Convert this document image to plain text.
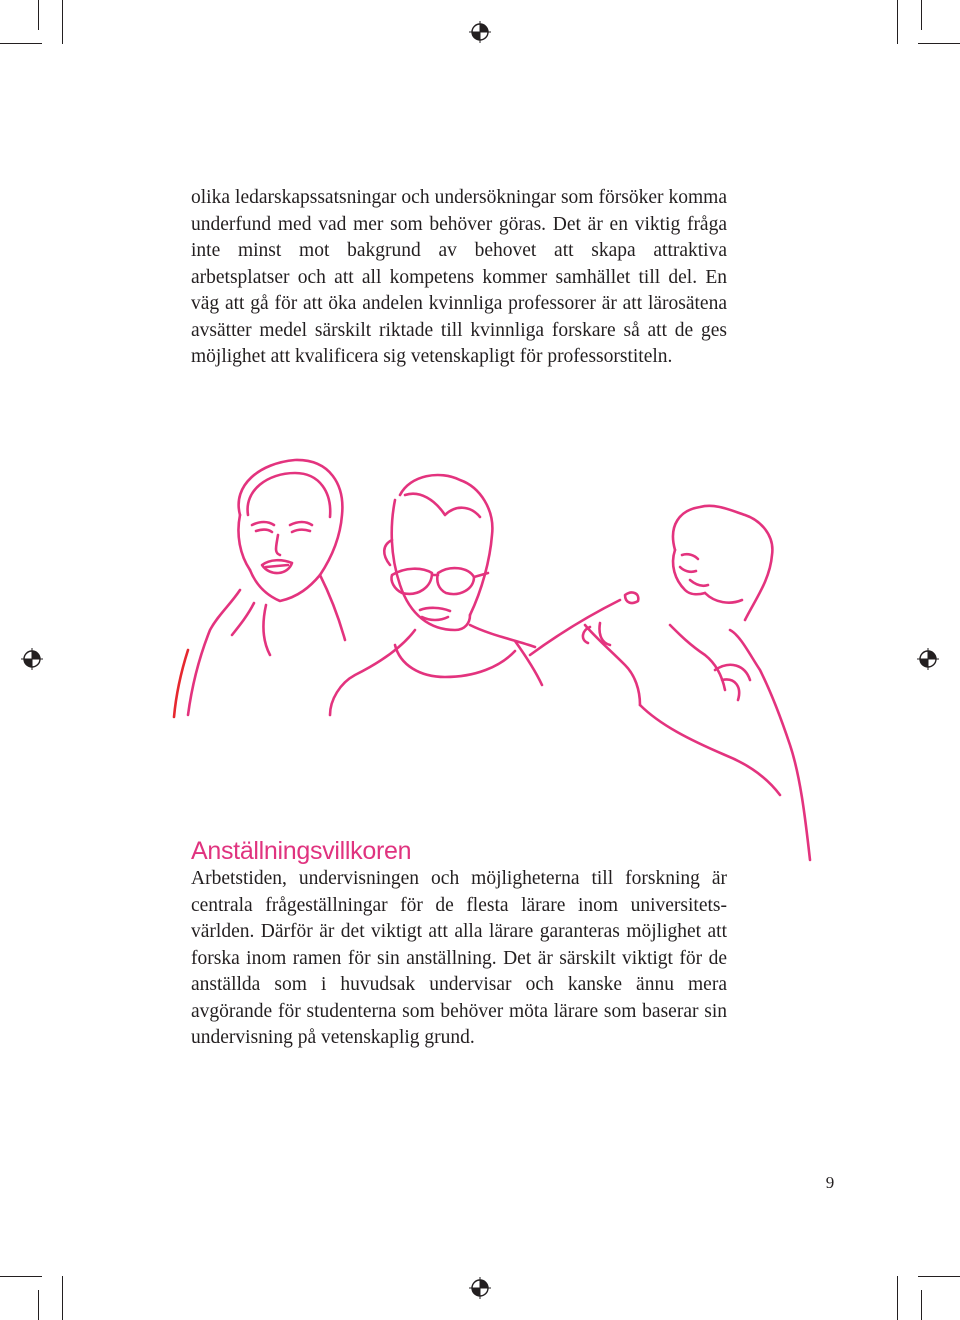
olika ledarskapssatsningar och undersökningar som försöker komma underfund med vad mer som behöver göras. Det är en viktig fråga inte minst mot bakgrund av behovet att skapa attraktiva arbetsplatser och att all kompetens kommer samhället till del. En väg att gå för att öka andelen kvinnliga professorer är att lärosätena avsätter medel särskilt riktade till kvinnliga forskare så att de ges möjlighet att kvalificera sig vetenskapligt för professorstiteln.

Anställningsvillkoren

Arbetstiden, undervisningen och möjligheterna till forskning är centrala frågeställningar för de flesta lärare inom universitetsvärlden. Därför är det viktigt att alla lärare garanteras möjlighet att forska inom ramen för sin anställning. Det är särskilt viktigt för de anställda som i huvudsak undervisar och kanske ännu mera avgörande för studenterna som behöver möta lärare som baserar sin undervisning på vetenskaplig grund.

9
